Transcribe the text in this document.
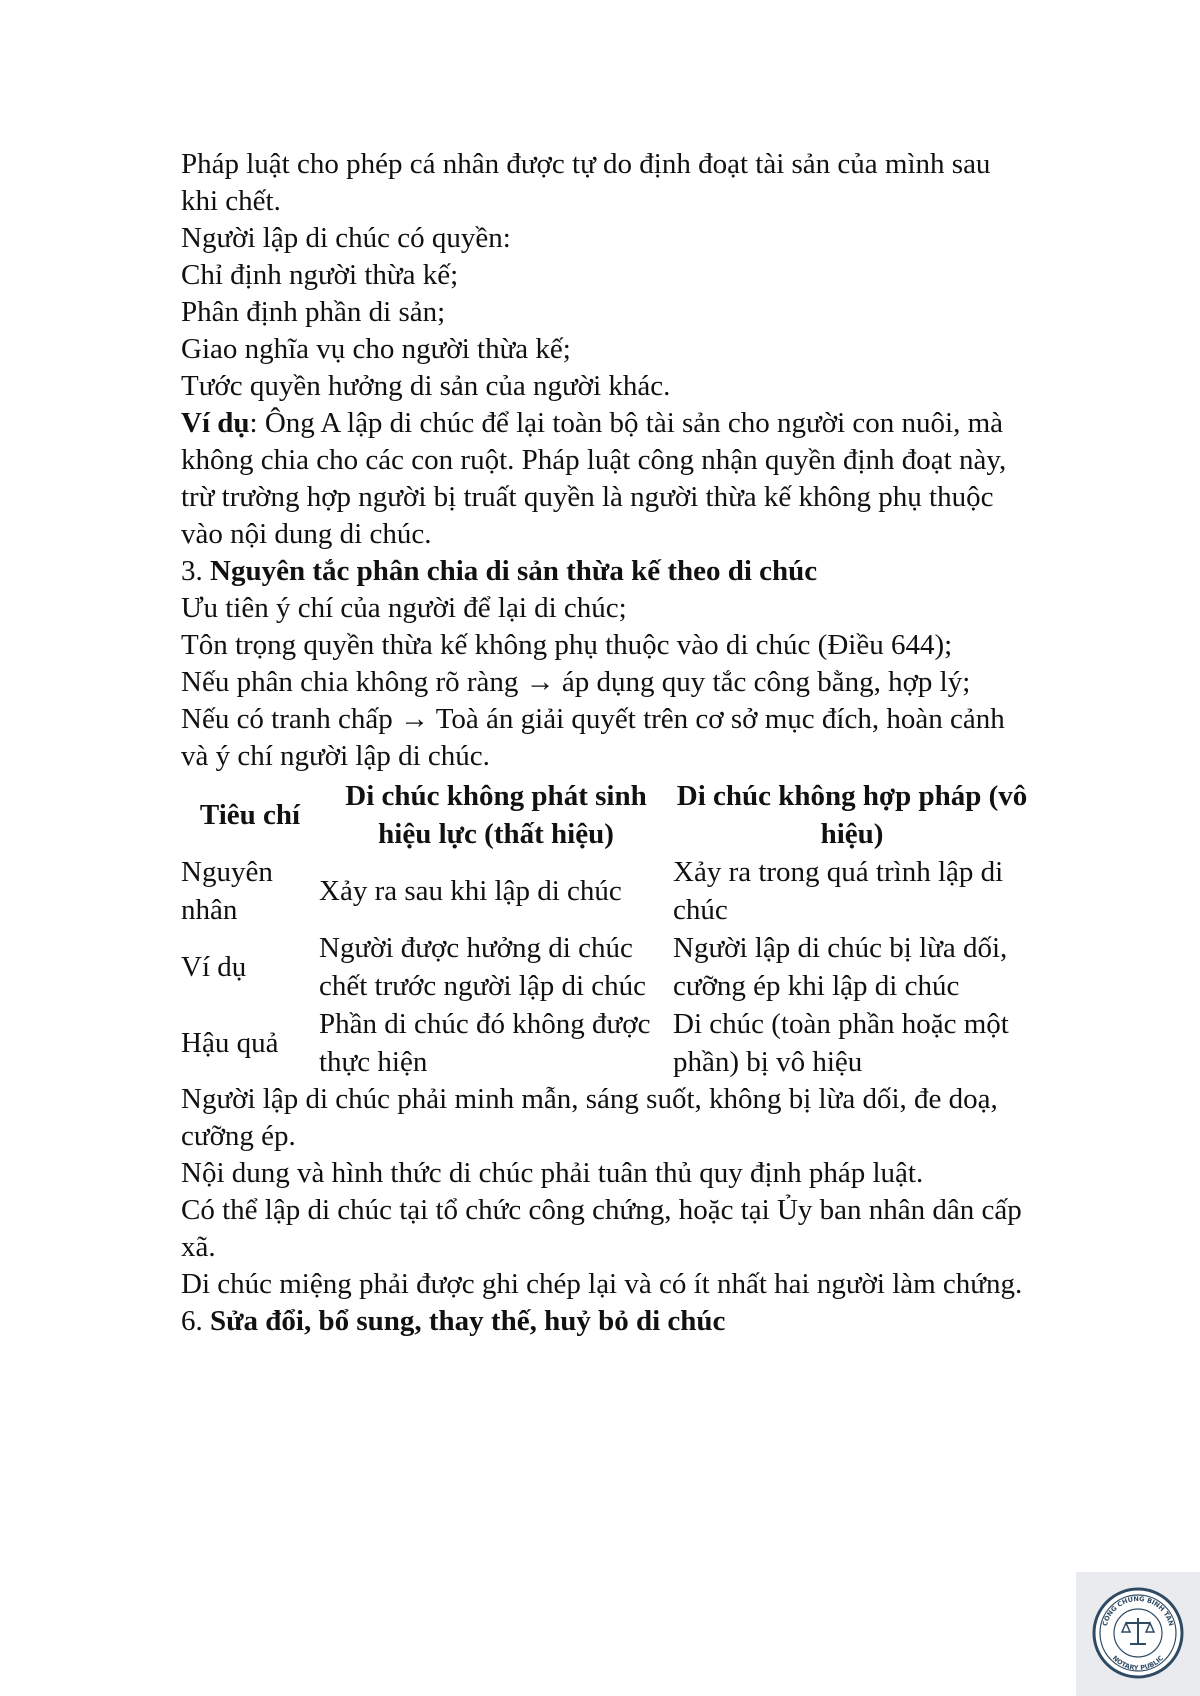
Pháp luật cho phép cá nhân được tự do định đoạt tài sản của mình sau khi chết.

Người lập di chúc có quyền:

Chỉ định người thừa kế;

Phân định phần di sản;

Giao nghĩa vụ cho người thừa kế;

Tước quyền hưởng di sản của người khác.

Ví dụ: Ông A lập di chúc để lại toàn bộ tài sản cho người con nuôi, mà không chia cho các con ruột. Pháp luật công nhận quyền định đoạt này, trừ trường hợp người bị truất quyền là người thừa kế không phụ thuộc vào nội dung di chúc.

3. Nguyên tắc phân chia di sản thừa kế theo di chúc

Ưu tiên ý chí của người để lại di chúc;

Tôn trọng quyền thừa kế không phụ thuộc vào di chúc (Điều 644);

Nếu phân chia không rõ ràng → áp dụng quy tắc công bằng, hợp lý;

Nếu có tranh chấp → Toà án giải quyết trên cơ sở mục đích, hoàn cảnh và ý chí người lập di chúc.

Tiêu chí	Di chúc không phát sinh hiệu lực (thất hiệu)	Di chúc không hợp pháp (vô hiệu)
Nguyên nhân	Xảy ra sau khi lập di chúc	Xảy ra trong quá trình lập di chúc
Ví dụ	Người được hưởng di chúc chết trước người lập di chúc	Người lập di chúc bị lừa dối, cưỡng ép khi lập di chúc
Hậu quả	Phần di chúc đó không được thực hiện	Di chúc (toàn phần hoặc một phần) bị vô hiệu

Người lập di chúc phải minh mẫn, sáng suốt, không bị lừa dối, đe doạ, cưỡng ép.

Nội dung và hình thức di chúc phải tuân thủ quy định pháp luật.

Có thể lập di chúc tại tổ chức công chứng, hoặc tại Ủy ban nhân dân cấp xã.

Di chúc miệng phải được ghi chép lại và có ít nhất hai người làm chứng.

6. Sửa đổi, bổ sung, thay thế, huỷ bỏ di chúc

CÔNG CHỨNG BÌNH TÂN
NOTARY PUBLIC
